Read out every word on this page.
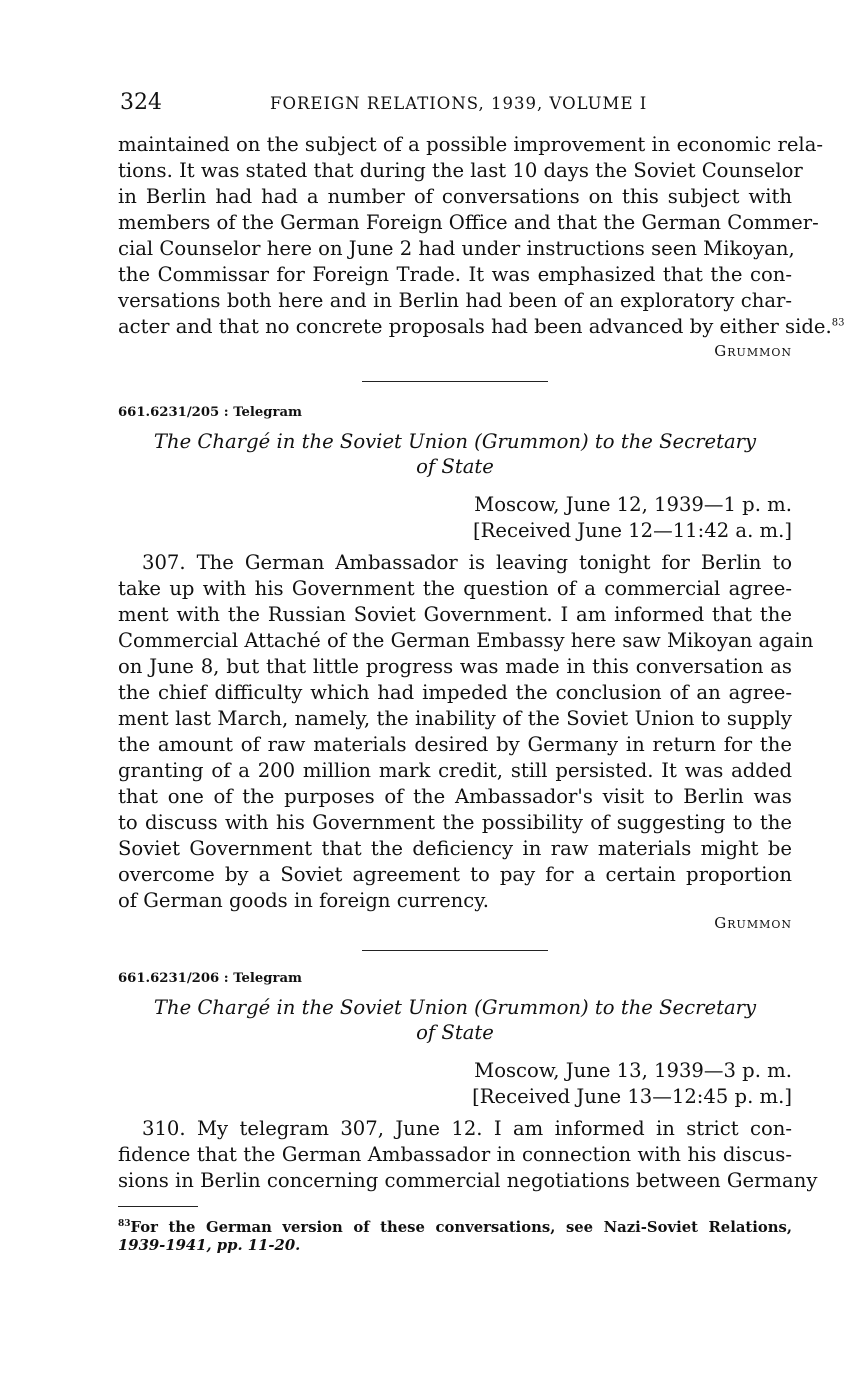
324	FOREIGN RELATIONS, 1939, VOLUME I

maintained on the subject of a possible improvement in economic rela-
tions. It was stated that during the last 10 days the Soviet Counselor
in Berlin had had a number of conversations on this subject with
members of the German Foreign Office and that the German Commer-
cial Counselor here on June 2 had under instructions seen Mikoyan,
the Commissar for Foreign Trade. It was emphasized that the con-
versations both here and in Berlin had been of an exploratory char-
acter and that no concrete proposals had been advanced by either side.$^{83}$

Grummon
661.6231/205 : Telegram
The Chargé in the Soviet Union (Grummon) to the Secretary
of State
Moscow, June 12, 1939—1 p. m.
[Received June 12—11:42 a. m.]

307. The German Ambassador is leaving tonight for Berlin to
take up with his Government the question of a commercial agree-
ment with the Russian Soviet Government. I am informed that the
Commercial Attaché of the German Embassy here saw Mikoyan again
on June 8, but that little progress was made in this conversation as
the chief difficulty which had impeded the conclusion of an agree-
ment last March, namely, the inability of the Soviet Union to supply
the amount of raw materials desired by Germany in return for the
granting of a 200 million mark credit, still persisted. It was added
that one of the purposes of the Ambassador's visit to Berlin was
to discuss with his Government the possibility of suggesting to the
Soviet Government that the deficiency in raw materials might be
overcome by a Soviet agreement to pay for a certain proportion
of German goods in foreign currency.

Grummon
661.6231/206 : Telegram
The Chargé in the Soviet Union (Grummon) to the Secretary
of State
Moscow, June 13, 1939—3 p. m.
[Received June 13—12:45 p. m.]

310. My telegram 307, June 12. I am informed in strict con-
fidence that the German Ambassador in connection with his discus-
sions in Berlin concerning commercial negotiations between Germany

$^{83}$For the German version of these conversations, see Nazi-Soviet Relations,
1939-1941, pp. 11-20.
